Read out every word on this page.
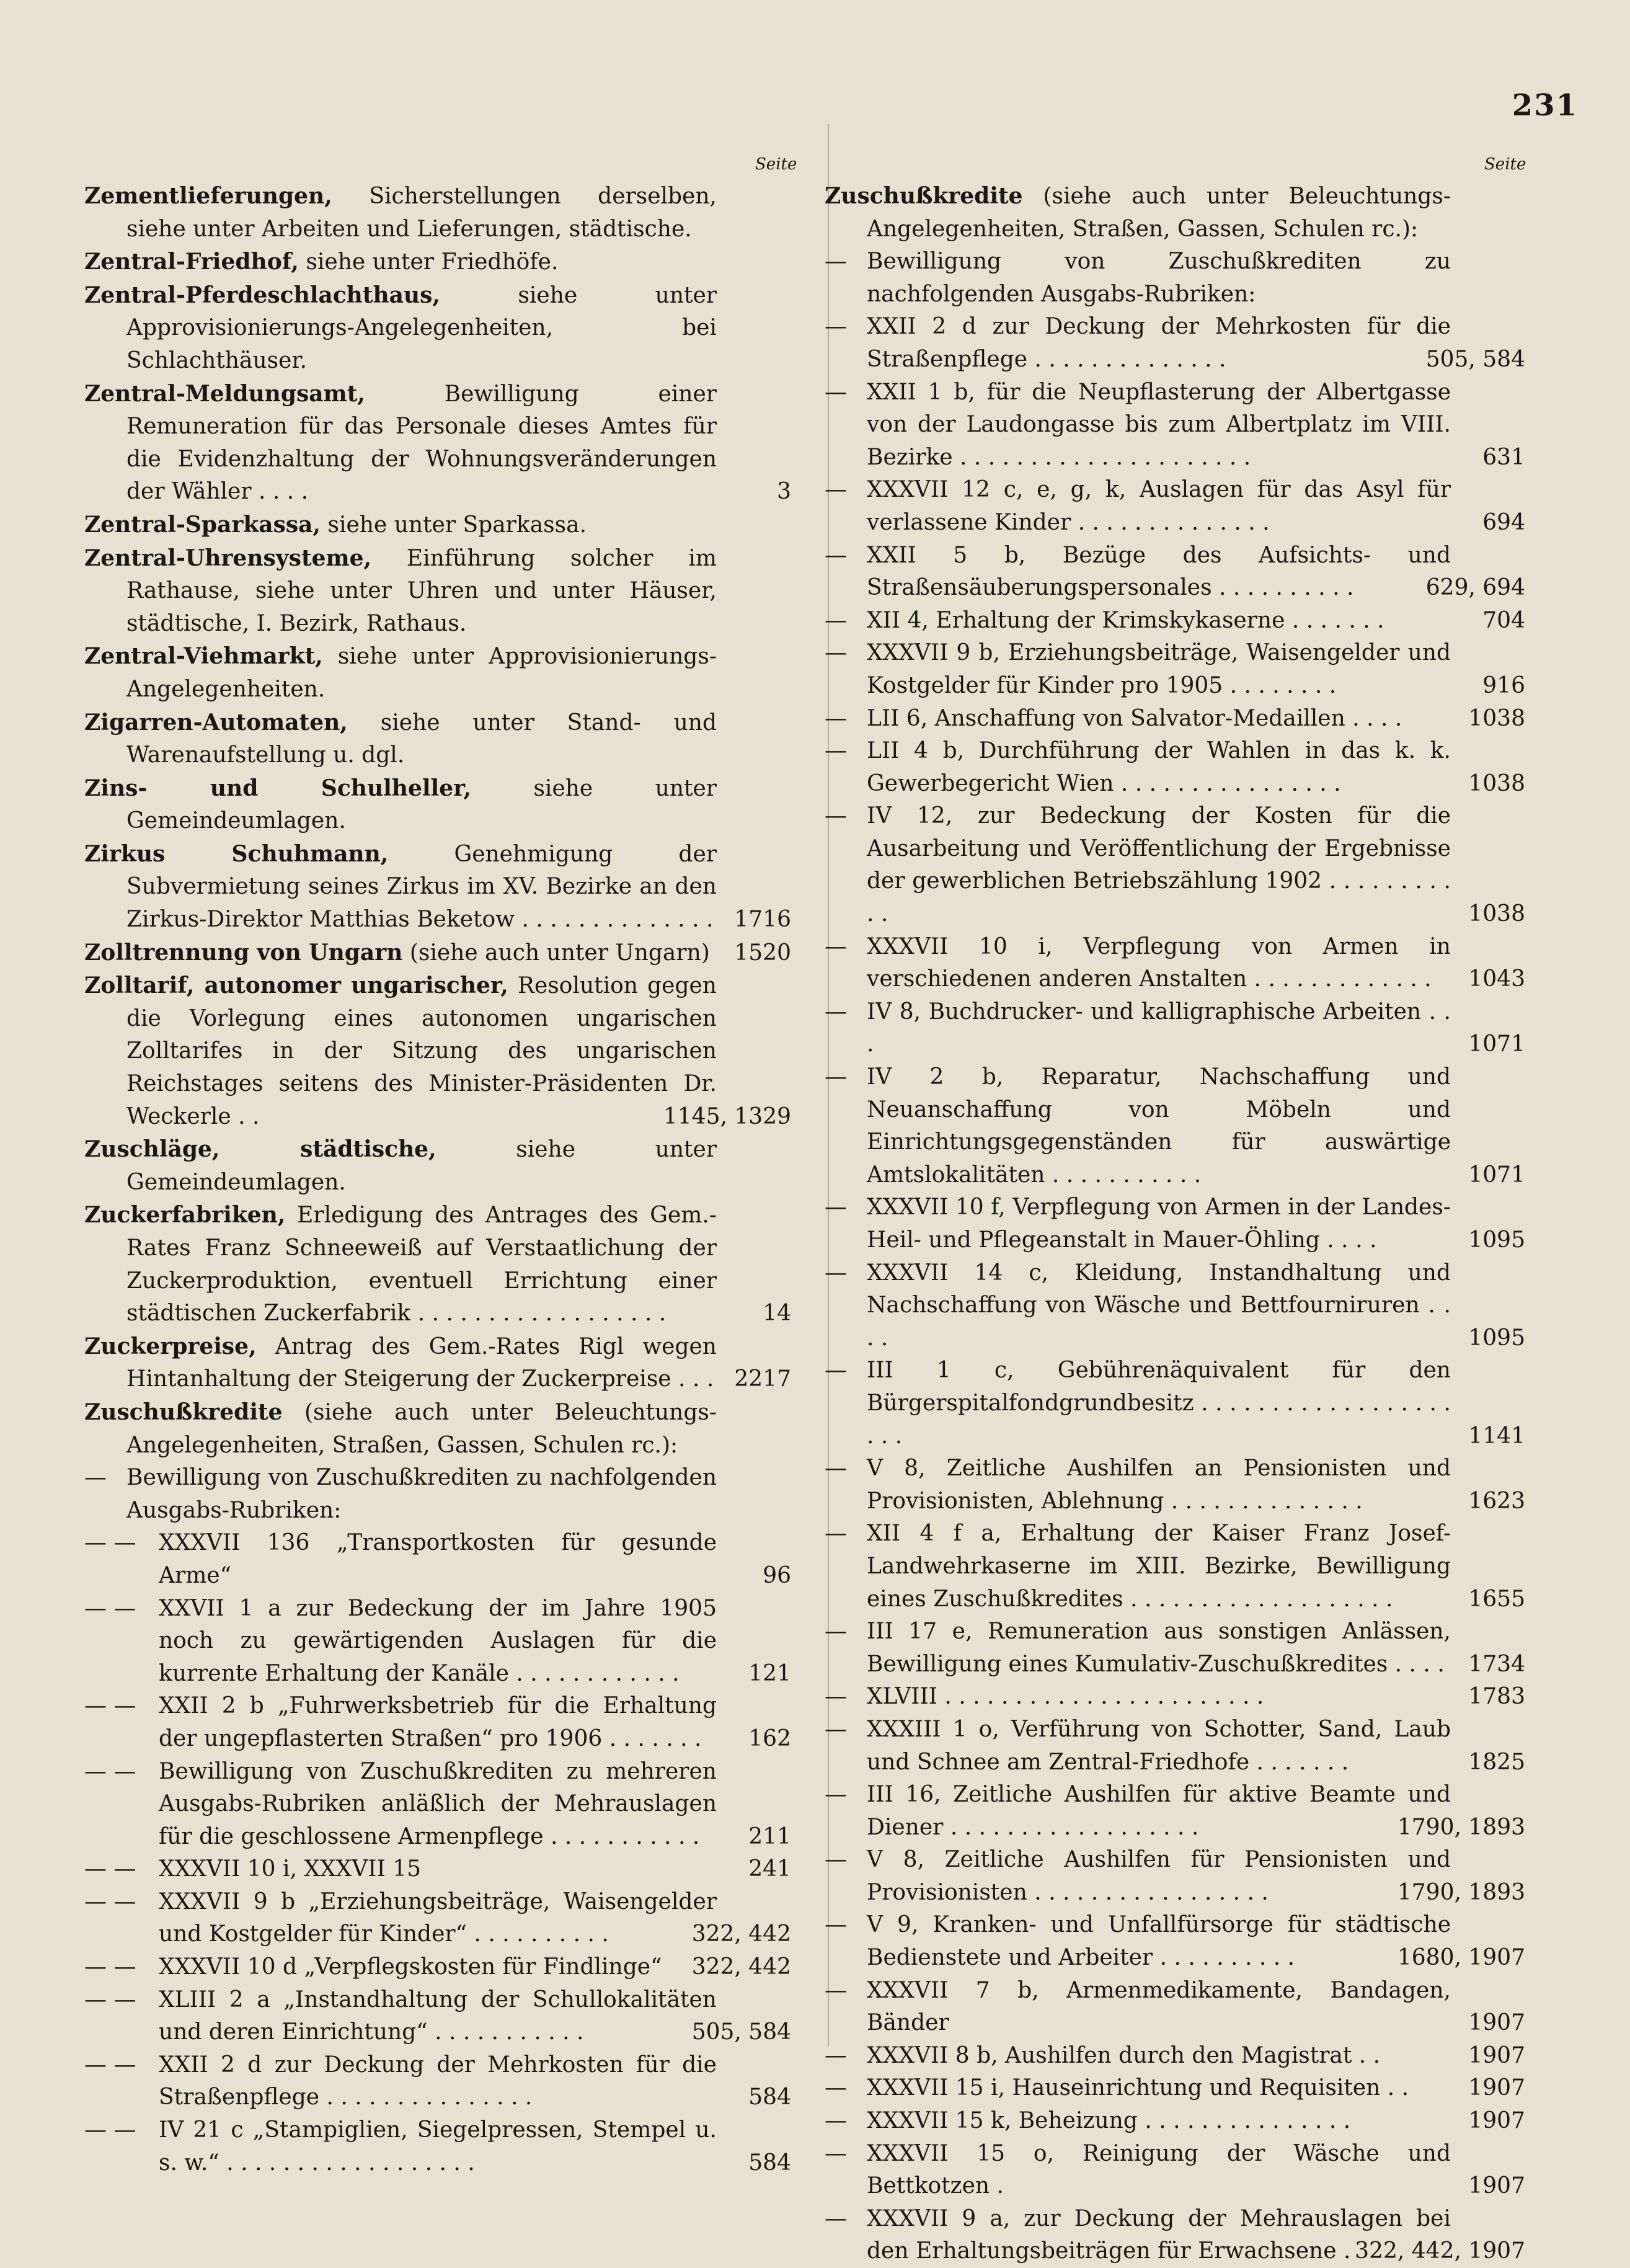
231
Seite	Seite
Zementlieferungen, Sicherstellungen derselben, siehe unter Arbeiten und Lieferungen, städtische.
Zentral-Friedhof, siehe unter Friedhöfe.
Zentral-Pferdeschlachthaus,	siehe unter Approvisionierungs-Angelegenheiten, bei Schlachthäuser.
Zentral-Meldungsamt,	Bewilligung einer Remuneration für das Personale dieses Amtes für die Evidenzhaltung der Wohnungsveränderungen der Wähler . . . .	3
Zentral-Sparkassa, siehe unter Sparkassa.
Zentral-Uhrensysteme, Einführung solcher im Rathause, siehe unter Uhren und unter Häuser, städtische, I. Bezirk, Rathaus.
Zentral-Viehmarkt, siehe unter Approvisionierungs-Angelegenheiten.
Zigarren-Automaten, siehe unter Stand- und Warenaufstellung u. dgl.
Zins- und Schulheller,	siehe unter Gemeindeumlagen.
Zirkus Schuhmann,	Genehmigung der Subvermietung seines Zirkus im XV. Bezirke an den Zirkus-Direktor Matthias Beketow . . . . . . . . . . . . . . 1716
Zolltrennung von Ungarn (siehe auch unter Ungarn) 1520
Zolltarif, autonomer ungarischer, Resolution gegen die Vorlegung eines autonomen ungarischen Zolltarifes in der Sitzung des ungarischen Reichstages seitens des Minister-Präsidenten Dr. Weckerle . .	1145, 1329
Zuschläge, städtische,	siehe unter Gemeindeumlagen.
Zuckerfabriken, Erledigung des Antrages des Gem.-Rates Franz Schneeweiß auf Verstaatlichung der Zuckerproduktion, eventuell Errichtung einer städtischen Zuckerfabrik . . . . . . . . . . . . . . . . . .	14
Zuckerpreise, Antrag des Gem.-Rates Rigl wegen Hintanhaltung der Steigerung der Zuckerpreise . . . 2217
Zuschußkredite (siehe auch unter Beleuchtungs-Angelegenheiten, Straßen, Gassen, Schulen rc.):
— Bewilligung von Zuschußkrediten zu nachfolgenden Ausgabs-Rubriken:
— — XXXVII 136 „Transportkosten für gesunde Arme“	96
— — XXVII 1 a zur Bedeckung der im Jahre 1905 noch zu gewärtigenden Auslagen für die kurrente Erhaltung der Kanäle . . . . . . . . . . . .	121
— — XXII 2 b „Fuhrwerksbetrieb für die Erhaltung der ungepflasterten Straßen“ pro 1906 . . . . . . . 162
— — Bewilligung von Zuschußkrediten zu mehreren Ausgabs-Rubriken anläßlich der Mehrauslagen für die geschlossene Armenpflege . . . . . . . . . . . 211
— — XXXVII 10 i, XXXVII 15	241
— — XXXVII 9 b „Erziehungsbeiträge, Waisengelder und Kostgelder für Kinder“ . . . . . . . . . .	322, 442
— — XXXVII 10 d „Verpflegskosten für Findlinge“ 322, 442
— — XLIII 2 a „Instandhaltung der Schullokalitäten und deren Einrichtung“ . . . . . . . . . . .	505, 584
— — XXII 2 d zur Deckung der Mehrkosten für die Straßenpflege . . . . . . . . . . . . . . .	584
— — IV 21 c „Stampiglien, Siegelpressen, Stempel u. s. w.“ . . . . . . . . . . . . . . . . . .	584
Zuschußkredite (siehe auch unter Beleuchtungs-Angelegenheiten, Straßen, Gassen, Schulen rc.):
— Bewilligung von Zuschußkrediten zu nachfolgenden Ausgabs-Rubriken:
— XXII 2 d zur Deckung der Mehrkosten für die Straßenpflege . . . . . . . . . . . . . .	505, 584
— XXII 1 b, für die Neupflasterung der Albertgasse von der Laudongasse bis zum Albertplatz im VIII. Bezirke . . . . . . . . . . . . . . . . . . . . .	631
— XXXVII 12 c, e, g, k, Auslagen für das Asyl für verlassene Kinder . . . . . . . . . . . . . .	694
— XXII 5 b, Bezüge des Aufsichts- und Straßensäuberungspersonales . . . . . . . . . .	629, 694
— XII 4, Erhaltung der Krimskykaserne . . . . . . .	704
— XXXVII 9 b, Erziehungsbeiträge, Waisengelder und Kostgelder für Kinder pro 1905 . . . . . . . .	916
— LII 6, Anschaffung von Salvator-Medaillen . . . .	1038
— LII 4 b, Durchführung der Wahlen in das k. k. Gewerbegericht Wien . . . . . . . . . . . . . . . .	1038
— IV 12, zur Bedeckung der Kosten für die Ausarbeitung und Veröffentlichung der Ergebnisse der gewerblichen Betriebszählung 1902 . . . . . . . . . . .	1038
— XXXVII 10 i, Verpflegung von Armen in verschiedenen anderen Anstalten . . . . . . . . . . . . . 1043
— IV 8, Buchdrucker- und kalligraphische Arbeiten . . .	1071
— IV 2 b, Reparatur, Nachschaffung und Neuanschaffung von Möbeln und Einrichtungsgegenständen für auswärtige Amtslokalitäten . . . . . . . . . . .	1071
— XXXVII 10 f, Verpflegung von Armen in der Landes-Heil- und Pflegeanstalt in Mauer-Öhling . . . .	1095
— XXXVII 14 c, Kleidung, Instandhaltung und Nachschaffung von Wäsche und Bettfourniruren . . . .	1095
— III 1 c, Gebührenäquivalent für den Bürgerspitalfondgrundbesitz . . . . . . . . . . . . . . . . . . . . .	1141
— V 8, Zeitliche Aushilfen an Pensionisten und Provisionisten, Ablehnung . . . . . . . . . . . . . .	1623
— XII 4 f a, Erhaltung der Kaiser Franz Josef-Landwehrkaserne im XIII. Bezirke, Bewilligung eines Zuschußkredites . . . . . . . . . . . . . . . . . . .	1655
— III 17 e, Remuneration aus sonstigen Anlässen, Bewilligung eines Kumulativ-Zuschußkredites . . . . 1734
— XLVIII . . . . . . . . . . . . . . . . . . . . . . .	1783
— XXXIII 1 o, Verführung von Schotter, Sand, Laub und Schnee am Zentral-Friedhofe . . . . . . .	1825
— III 16, Zeitliche Aushilfen für aktive Beamte und Diener . . . . . . . . . . . . . . . . . .	1790, 1893
— V 8, Zeitliche Aushilfen für Pensionisten und Provisionisten . . . . . . . . . . . . . . . . .	1790, 1893
— V 9, Kranken- und Unfallfürsorge für städtische Bedienstete und Arbeiter . . . . . . . . . .	1680, 1907
— XXXVII 7 b, Armenmedikamente, Bandagen, Bänder	1907
— XXXVII 8 b, Aushilfen durch den Magistrat . .	1907
— XXXVII 15 i, Hauseinrichtung und Requisiten . .	1907
— XXXVII 15 k, Beheizung . . . . . . . . . . . . . . .	1907
— XXXVII 15 o, Reinigung der Wäsche und Bettkotzen .	1907
— XXXVII 9 a, zur Deckung der Mehrauslagen bei den Erhaltungsbeiträgen für Erwachsene . 322, 442, 1907
